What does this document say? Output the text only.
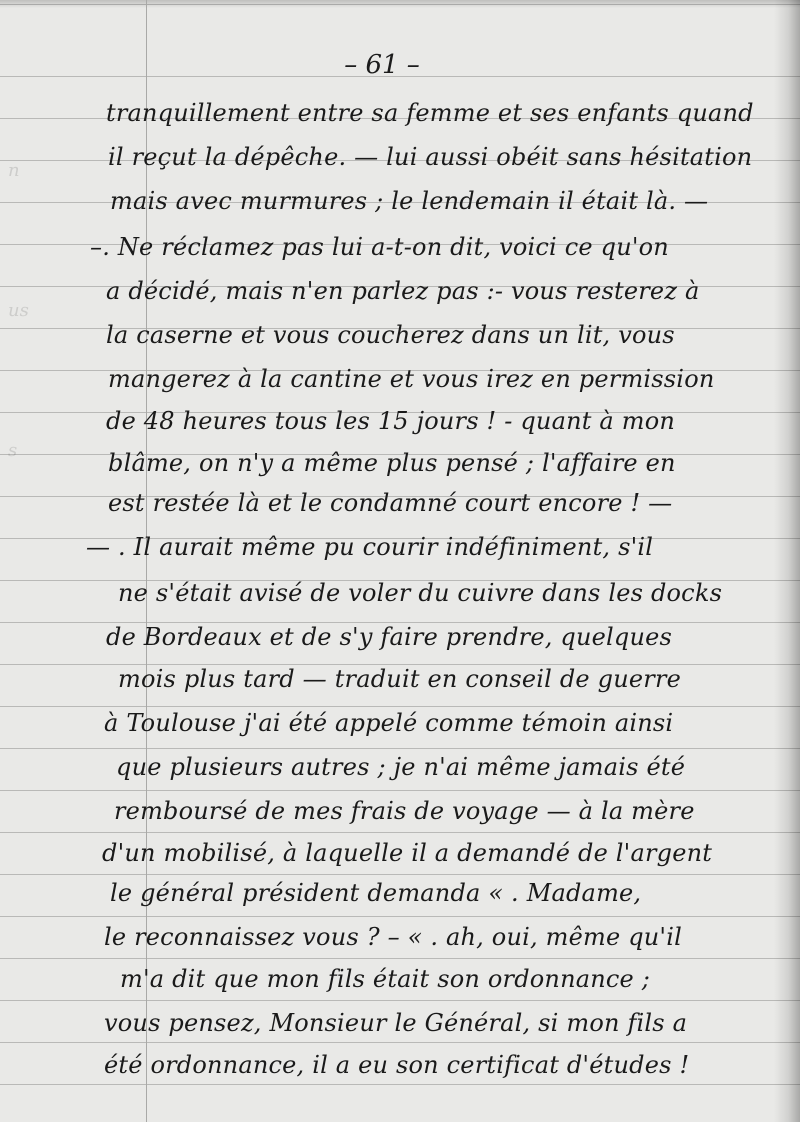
n
us
s
– 61 –
tranquillement entre sa femme et ses enfants quand
il reçut la dépêche. — lui aussi obéit sans hésitation
mais avec murmures ; le lendemain il était là. —
–. Ne réclamez pas lui a-t-on dit, voici ce qu'on
a décidé, mais n'en parlez pas :- vous resterez à
la caserne et vous coucherez dans un lit, vous
mangerez à la cantine et vous irez en permission
de 48 heures tous les 15 jours ! - quant à mon
blâme, on n'y a même plus pensé ; l'affaire en
est restée là et le condamné court encore ! —
— . Il aurait même pu courir indéfiniment, s'il
ne s'était avisé de voler du cuivre dans les docks
de Bordeaux et de s'y faire prendre, quelques
mois plus tard — traduit en conseil de guerre
à Toulouse j'ai été appelé comme témoin ainsi
que plusieurs autres ; je n'ai même jamais été
remboursé de mes frais de voyage — à la mère
d'un mobilisé, à laquelle il a demandé de l'argent
le général président demanda « . Madame,
le reconnaissez vous ? – « . ah, oui, même qu'il
m'a dit que mon fils était son ordonnance ;
vous pensez, Monsieur le Général, si mon fils a
été ordonnance, il a eu son certificat d'études !
